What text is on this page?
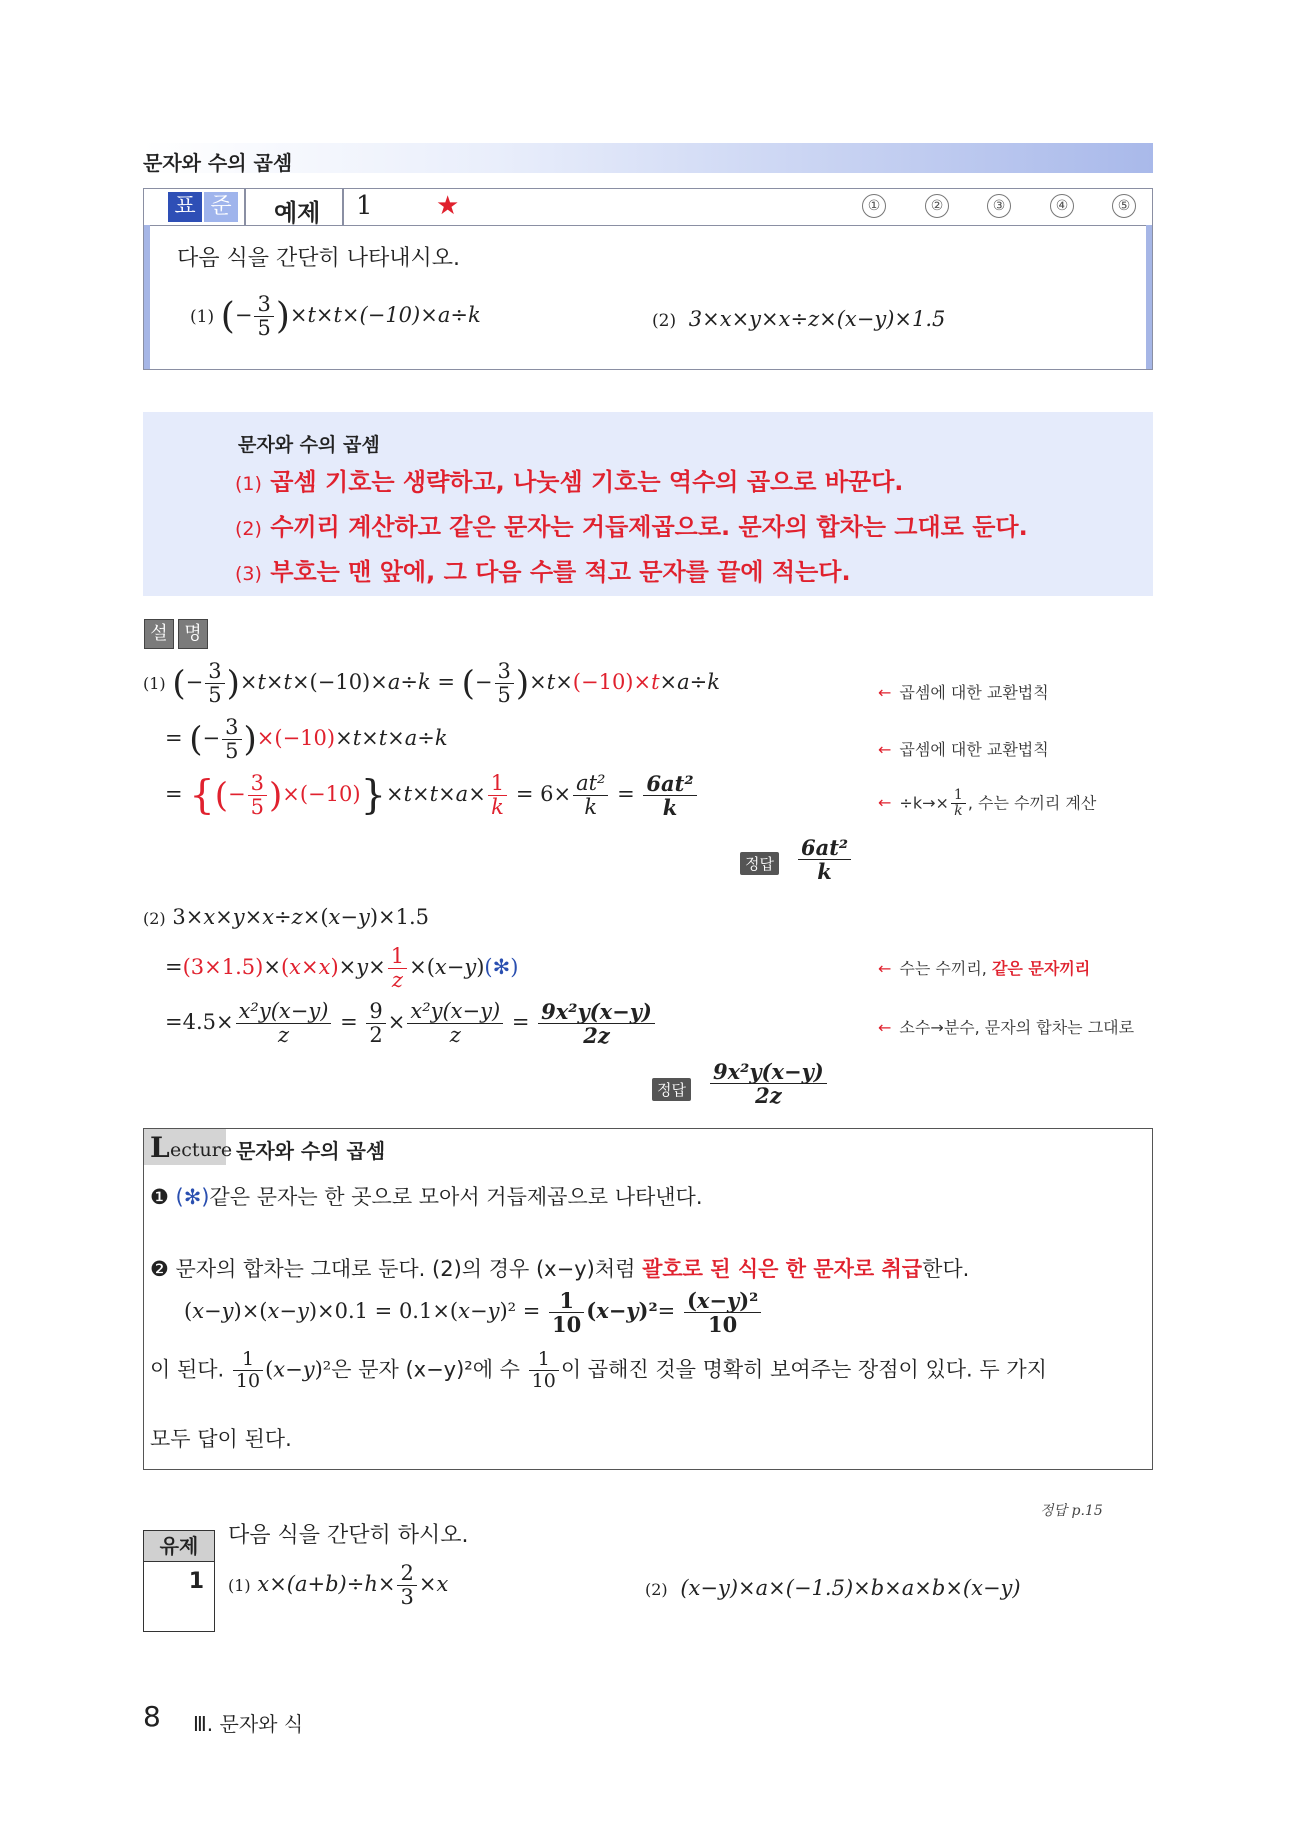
문자와 수의 곱셈
표 준 예제 1 ★	①	②	③	④	⑤
다음 식을 간단히 나타내시오.
(1) (− $\frac{3}{5} )\times t\times t\times(-10)\times a\div k$	(2) 3×x×y×x÷z×(x−y)×1.5
문자와 수의 곱셈
(1) 곱셈 기호는 생략하고, 나눗셈 기호는 역수의 곱으로 바꾼다.
(2) 수끼리 계산하고 같은 문자는 거듭제곱으로. 문자의 합차는 그대로 둔다.
(3) 부호는 맨 앞에, 그 다음 수를 적고 문자를 끝에 적는다.
설 명
(1) (− $\frac{3}{5} )\times t\times t\times(-10)\times a\div k$ = (− $\frac{3}{5} )\times t\times(-10)\times t\times a\div k$	← 곱셈에 대한 교환법칙
= (− $\frac{3}{5} )\times(-10)\times t\times t\times a\div k$	← 곱셈에 대한 교환법칙
= {(− $\frac{3}{5} )\times(-10)\}\times t\times t\times a\times \frac{1}{k} = 6\times \frac{\text{at²}}{k} = \frac{\text{6at²}}{k}$	← $\div k\to\times \frac{1}{k}$ , 수는 수끼리 계산
정답 $\frac{\text{6at²}}{k}$
(2) 3×x×y×x÷z×(x−y)×1.5
$=(3\times 1.5)\times(x\times x)\times y\times \frac{1}{z}$ ×(x−y)(✻)	← 수는 수끼리, 같은 문자끼리
$=4.5\times \frac{\text{x²y(x−y)}}{z} = \frac{9}{2} \times \frac{\text{x²y(x−y)}}{z} = \frac{\text{9x²y(x−y)}}{2z}$	← 소수→분수, 문자의 합차는 그대로
정답 $\frac{\text{9x²y(x−y)}}{2z}$
L ecture 문자와 수의 곱셈
❶ (✻)같은 문자는 한 곳으로 모아서 거듭제곱으로 나타낸다.
❷ 문자의 합차는 그대로 둔다. (2)의 경우 (x−y)처럼 괄호로 된 식은 한 문자로 취급한다.
$(x-y)\times(x-y)\times 0.1 = 0.1\times(x-y)^2 = \frac{1}{10} (x-y)^2= \frac{\text{(x−y)²}}{10}$
이 된다. $\frac{1}{10} (x-y)^2$은 문자 (x−y)²에 수 $\frac{1}{10}$ 이 곱해진 것을 명확히 보여주는 장점이 있다. 두 가지
모두 답이 된다.
정답 p.15
유제
1
다음 식을 간단히 하시오.
(1) $x\times(a+b)\div h\times \frac{2}{3} \times x$	(2) (x−y)×a×(−1.5)×b×a×b×(x−y)
8 Ⅲ. 문자와 식
